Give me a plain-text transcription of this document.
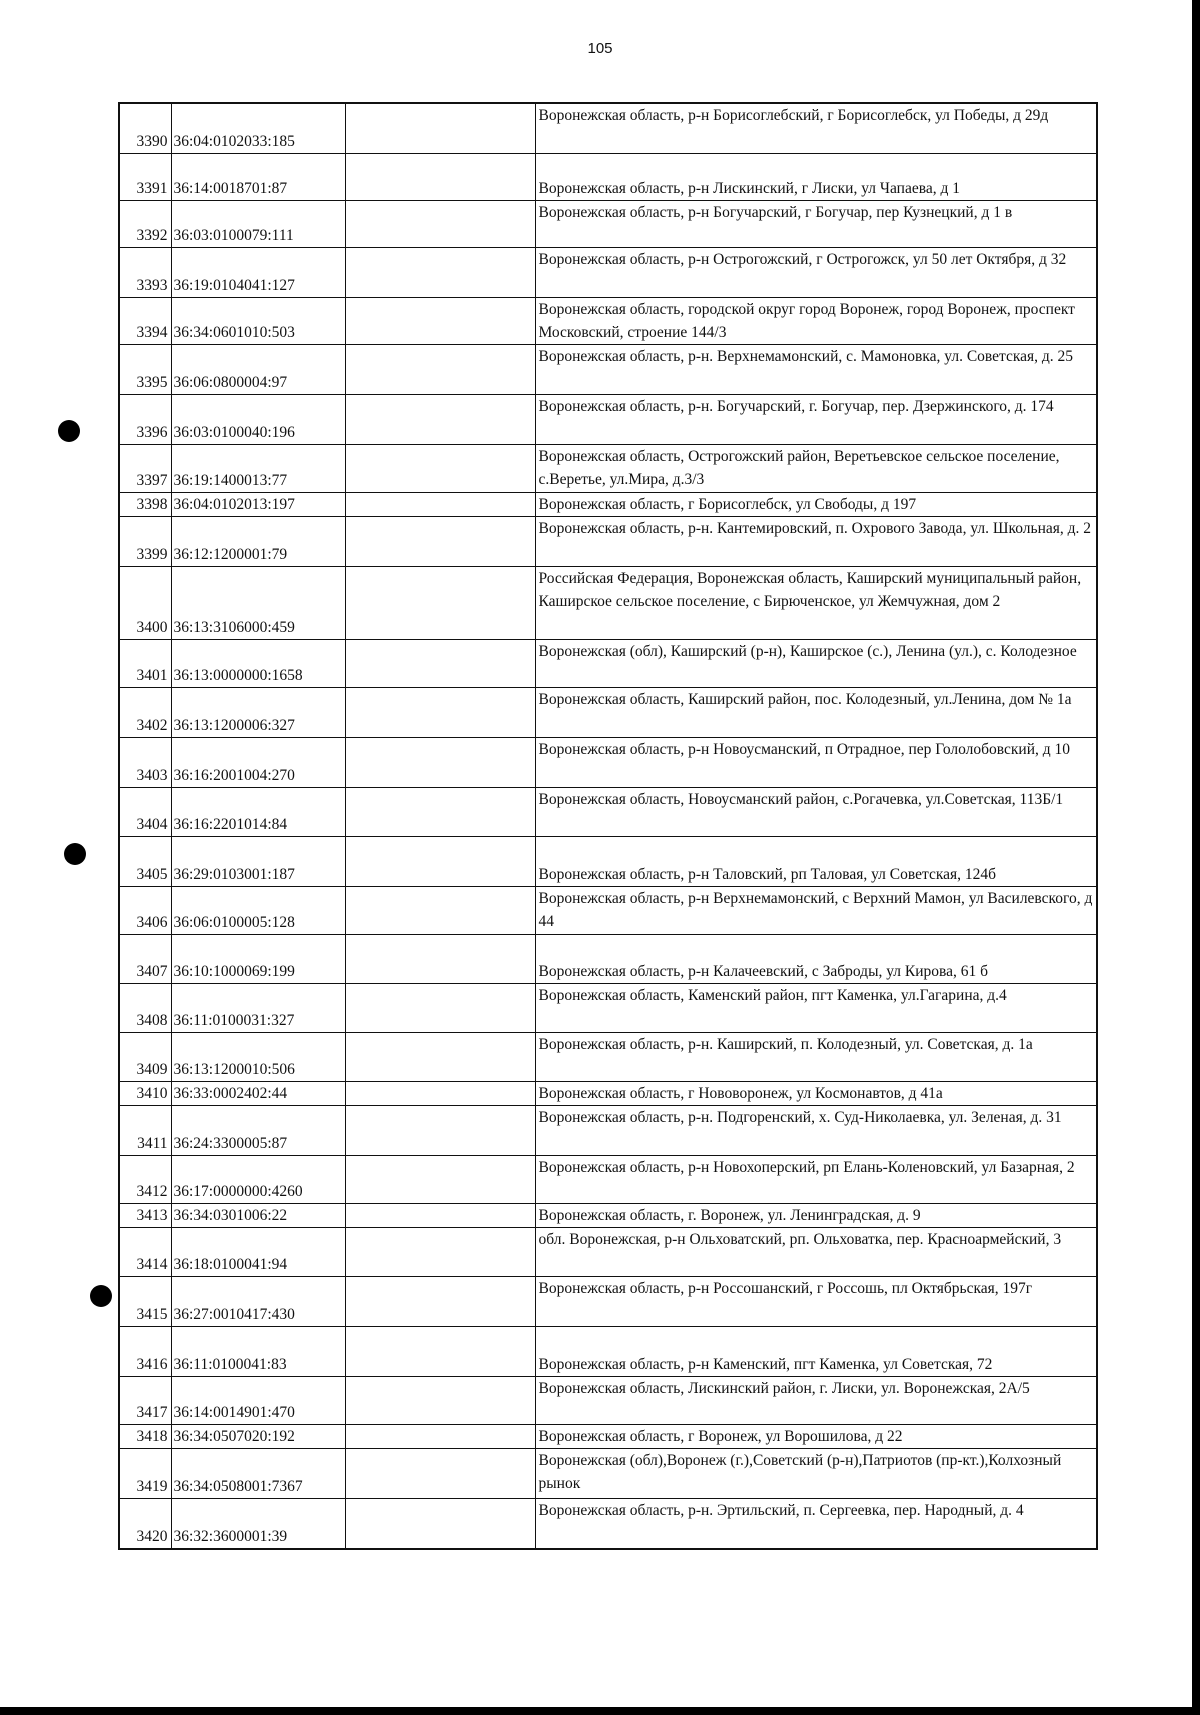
105
3390	36:04:0102033:185		Воронежская область, р-н Борисоглебский, г Борисоглебск, ул Победы, д 29д
3391	36:14:0018701:87		Воронежская область, р-н Лискинский, г Лиски, ул Чапаева, д 1
3392	36:03:0100079:111		Воронежская область, р-н Богучарский, г Богучар, пер Кузнецкий, д 1 в
3393	36:19:0104041:127		Воронежская область, р-н Острогожский, г Острогожск, ул 50 лет Октября, д 32
3394	36:34:0601010:503		Воронежская область, городской округ город Воронеж, город Воронеж, проспект Московский, строение 144/3
3395	36:06:0800004:97		Воронежская область, р-н. Верхнемамонский, с. Мамоновка, ул. Советская, д. 25
3396	36:03:0100040:196		Воронежская область, р-н. Богучарский, г. Богучар, пер. Дзержинского, д. 174
3397	36:19:1400013:77		Воронежская область, Острогожский район, Веретьевское сельское поселение, с.Веретье, ул.Мира, д.3/3
3398	36:04:0102013:197		Воронежская область, г Борисоглебск, ул Свободы, д 197
3399	36:12:1200001:79		Воронежская область, р-н. Кантемировский, п. Охрового Завода, ул. Школьная, д. 2
3400	36:13:3106000:459		Российская Федерация, Воронежская область, Каширский муниципальный район, Каширское сельское поселение, с Бирюченское, ул Жемчужная, дом 2
3401	36:13:0000000:1658		Воронежская (обл), Каширский (р-н), Каширское (с.), Ленина (ул.), с. Колодезное
3402	36:13:1200006:327		Воронежская область, Каширский район, пос. Колодезный, ул.Ленина, дом № 1а
3403	36:16:2001004:270		Воронежская область, р-н Новоусманский, п Отрадное, пер Гололобовский, д 10
3404	36:16:2201014:84		Воронежская область, Новоусманский район, с.Рогачевка, ул.Советская, 113Б/1
3405	36:29:0103001:187		Воронежская область, р-н Таловский, рп Таловая, ул Советская, 124б
3406	36:06:0100005:128		Воронежская область, р-н Верхнемамонский, с Верхний Мамон, ул Василевского, д 44
3407	36:10:1000069:199		Воронежская область, р-н Калачеевский, с Заброды, ул Кирова, 61 б
3408	36:11:0100031:327		Воронежская область, Каменский район, пгт Каменка, ул.Гагарина, д.4
3409	36:13:1200010:506		Воронежская область, р-н. Каширский, п. Колодезный, ул. Советская, д. 1а
3410	36:33:0002402:44		Воронежская область, г Нововоронеж, ул Космонавтов, д 41а
3411	36:24:3300005:87		Воронежская область, р-н. Подгоренский, х. Суд-Николаевка, ул. Зеленая, д. 31
3412	36:17:0000000:4260		Воронежская область, р-н Новохоперский, рп Елань-Коленовский, ул Базарная, 2
3413	36:34:0301006:22		Воронежская область, г. Воронеж, ул. Ленинградская, д. 9
3414	36:18:0100041:94		обл. Воронежская, р-н Ольховатский, рп. Ольховатка, пер. Красноармейский, 3
3415	36:27:0010417:430		Воронежская область, р-н Россошанский, г Россошь, пл Октябрьская, 197г
3416	36:11:0100041:83		Воронежская область, р-н Каменский, пгт Каменка, ул Советская, 72
3417	36:14:0014901:470		Воронежская область, Лискинский район, г. Лиски, ул. Воронежская, 2А/5
3418	36:34:0507020:192		Воронежская область, г Воронеж, ул Ворошилова, д 22
3419	36:34:0508001:7367		Воронежская (обл),Воронеж (г.),Советский (р-н),Патриотов (пр-кт.),Колхозный рынок
3420	36:32:3600001:39		Воронежская область, р-н. Эртильский, п. Сергеевка, пер. Народный, д. 4
